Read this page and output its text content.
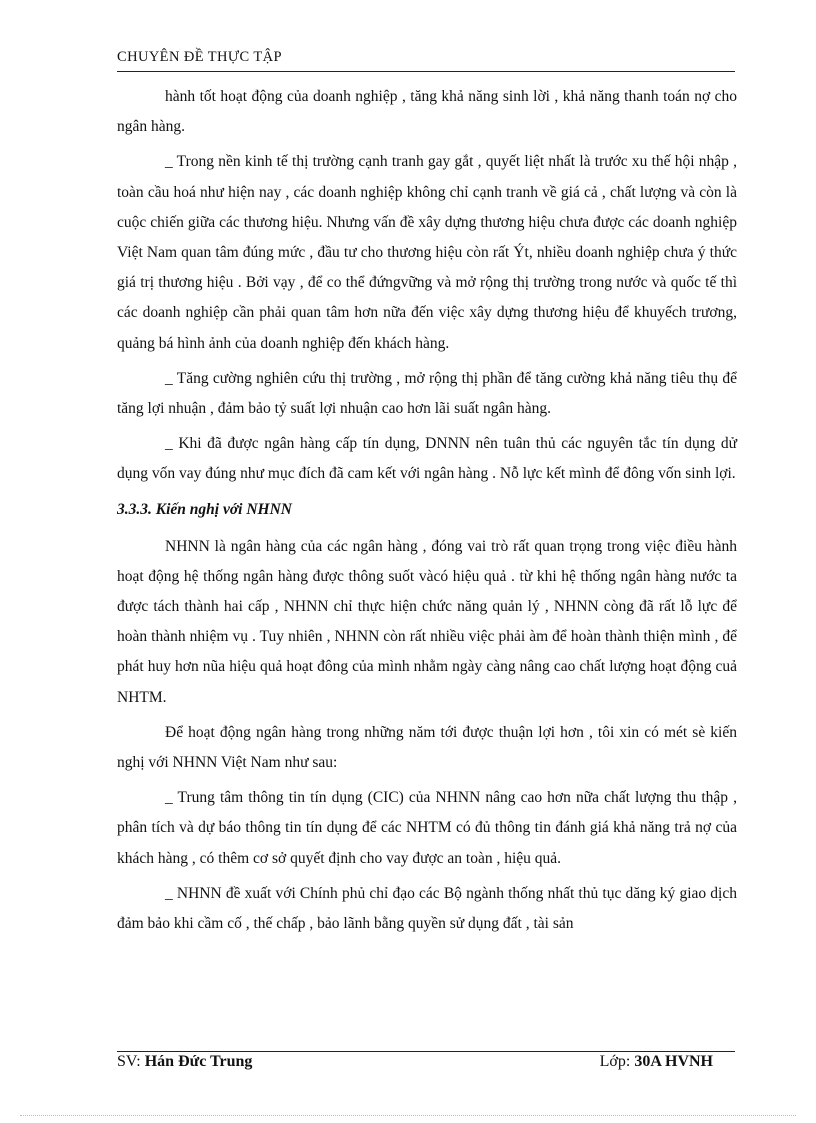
CHUYÊN ĐỀ THỰC TẬP

hành tốt hoạt động của doanh nghiệp , tăng khả năng sinh lời , khả năng thanh toán nợ cho ngân hàng.

_ Trong nền kinh tế thị trường cạnh tranh gay gắt , quyết liệt nhất là trước xu thế hội nhập , toàn cầu hoá như hiện nay , các doanh nghiệp không chỉ cạnh tranh về giá cả , chất lượng và còn là cuộc chiến giữa các thương hiệu. Nhưng vấn đề xây dựng thương hiệu chưa được các doanh nghiệp Việt Nam quan tâm đúng mức , đầu tư cho thương hiệu còn rất Ýt, nhiều doanh nghiệp chưa ý thức giá trị thương hiệu . Bởi vạy , để co thể đứngvững và mở rộng thị trường trong nước và quốc tế thì các doanh nghiệp cần phải quan tâm hơn nữa đến việc xây dựng thương hiệu để khuyếch trương, quảng bá hình ảnh của doanh nghiệp đến khách hàng.

_ Tăng cường nghiên cứu thị trường , mở rộng thị phần để tăng cường khả năng tiêu thụ để tăng lợi nhuận , đảm bảo tỷ suất lợi nhuận cao hơn lãi suất ngân hàng.

_ Khi đã được ngân hàng cấp tín dụng, DNNN nên tuân thủ các nguyên tắc tín dụng dử dụng vốn vay đúng như mục đích đã cam kết với ngân hàng . Nỗ lực kết mình để đông vốn sinh lợi.

3.3.3. Kiến nghị với NHNN

NHNN là ngân hàng của các ngân hàng , đóng vai trò rất quan trọng trong việc điều hành hoạt động hệ thống ngân hàng được thông suốt vàcó hiệu quả . từ khi hệ thống ngân hàng nước ta được tách thành hai cấp , NHNN chỉ thực hiện chức năng quản lý , NHNN còng đã rất lỗ lực để hoàn thành nhiệm vụ . Tuy nhiên , NHNN còn rất nhiều việc phải àm để hoàn thành thiện mình , để phát huy hơn nũa hiệu quả hoạt đông của mình nhằm ngày càng nâng cao chất lượng hoạt động cuả NHTM.

Để hoạt động ngân hàng trong những năm tới được thuận lợi hơn , tôi xin có mét sè kiến nghị với NHNN Việt Nam như sau:

_ Trung tâm thông tin tín dụng (CIC) của NHNN nâng cao hơn nữa chất lượng thu thập , phân tích và dự báo thông tin tín dụng để các NHTM có đủ thông tin đánh giá khả năng trả nợ của khách hàng , có thêm cơ sở quyết định cho vay được an toàn , hiệu quả.

_ NHNN đề xuất với Chính phủ chỉ đạo các Bộ ngành thống nhất thủ tục dăng ký giao dịch đảm bảo khi cầm cố , thế chấp , bảo lãnh bằng quyền sử dụng đất , tài sản

SV: Hán Đức Trung	Lớp: 30A HVNH
